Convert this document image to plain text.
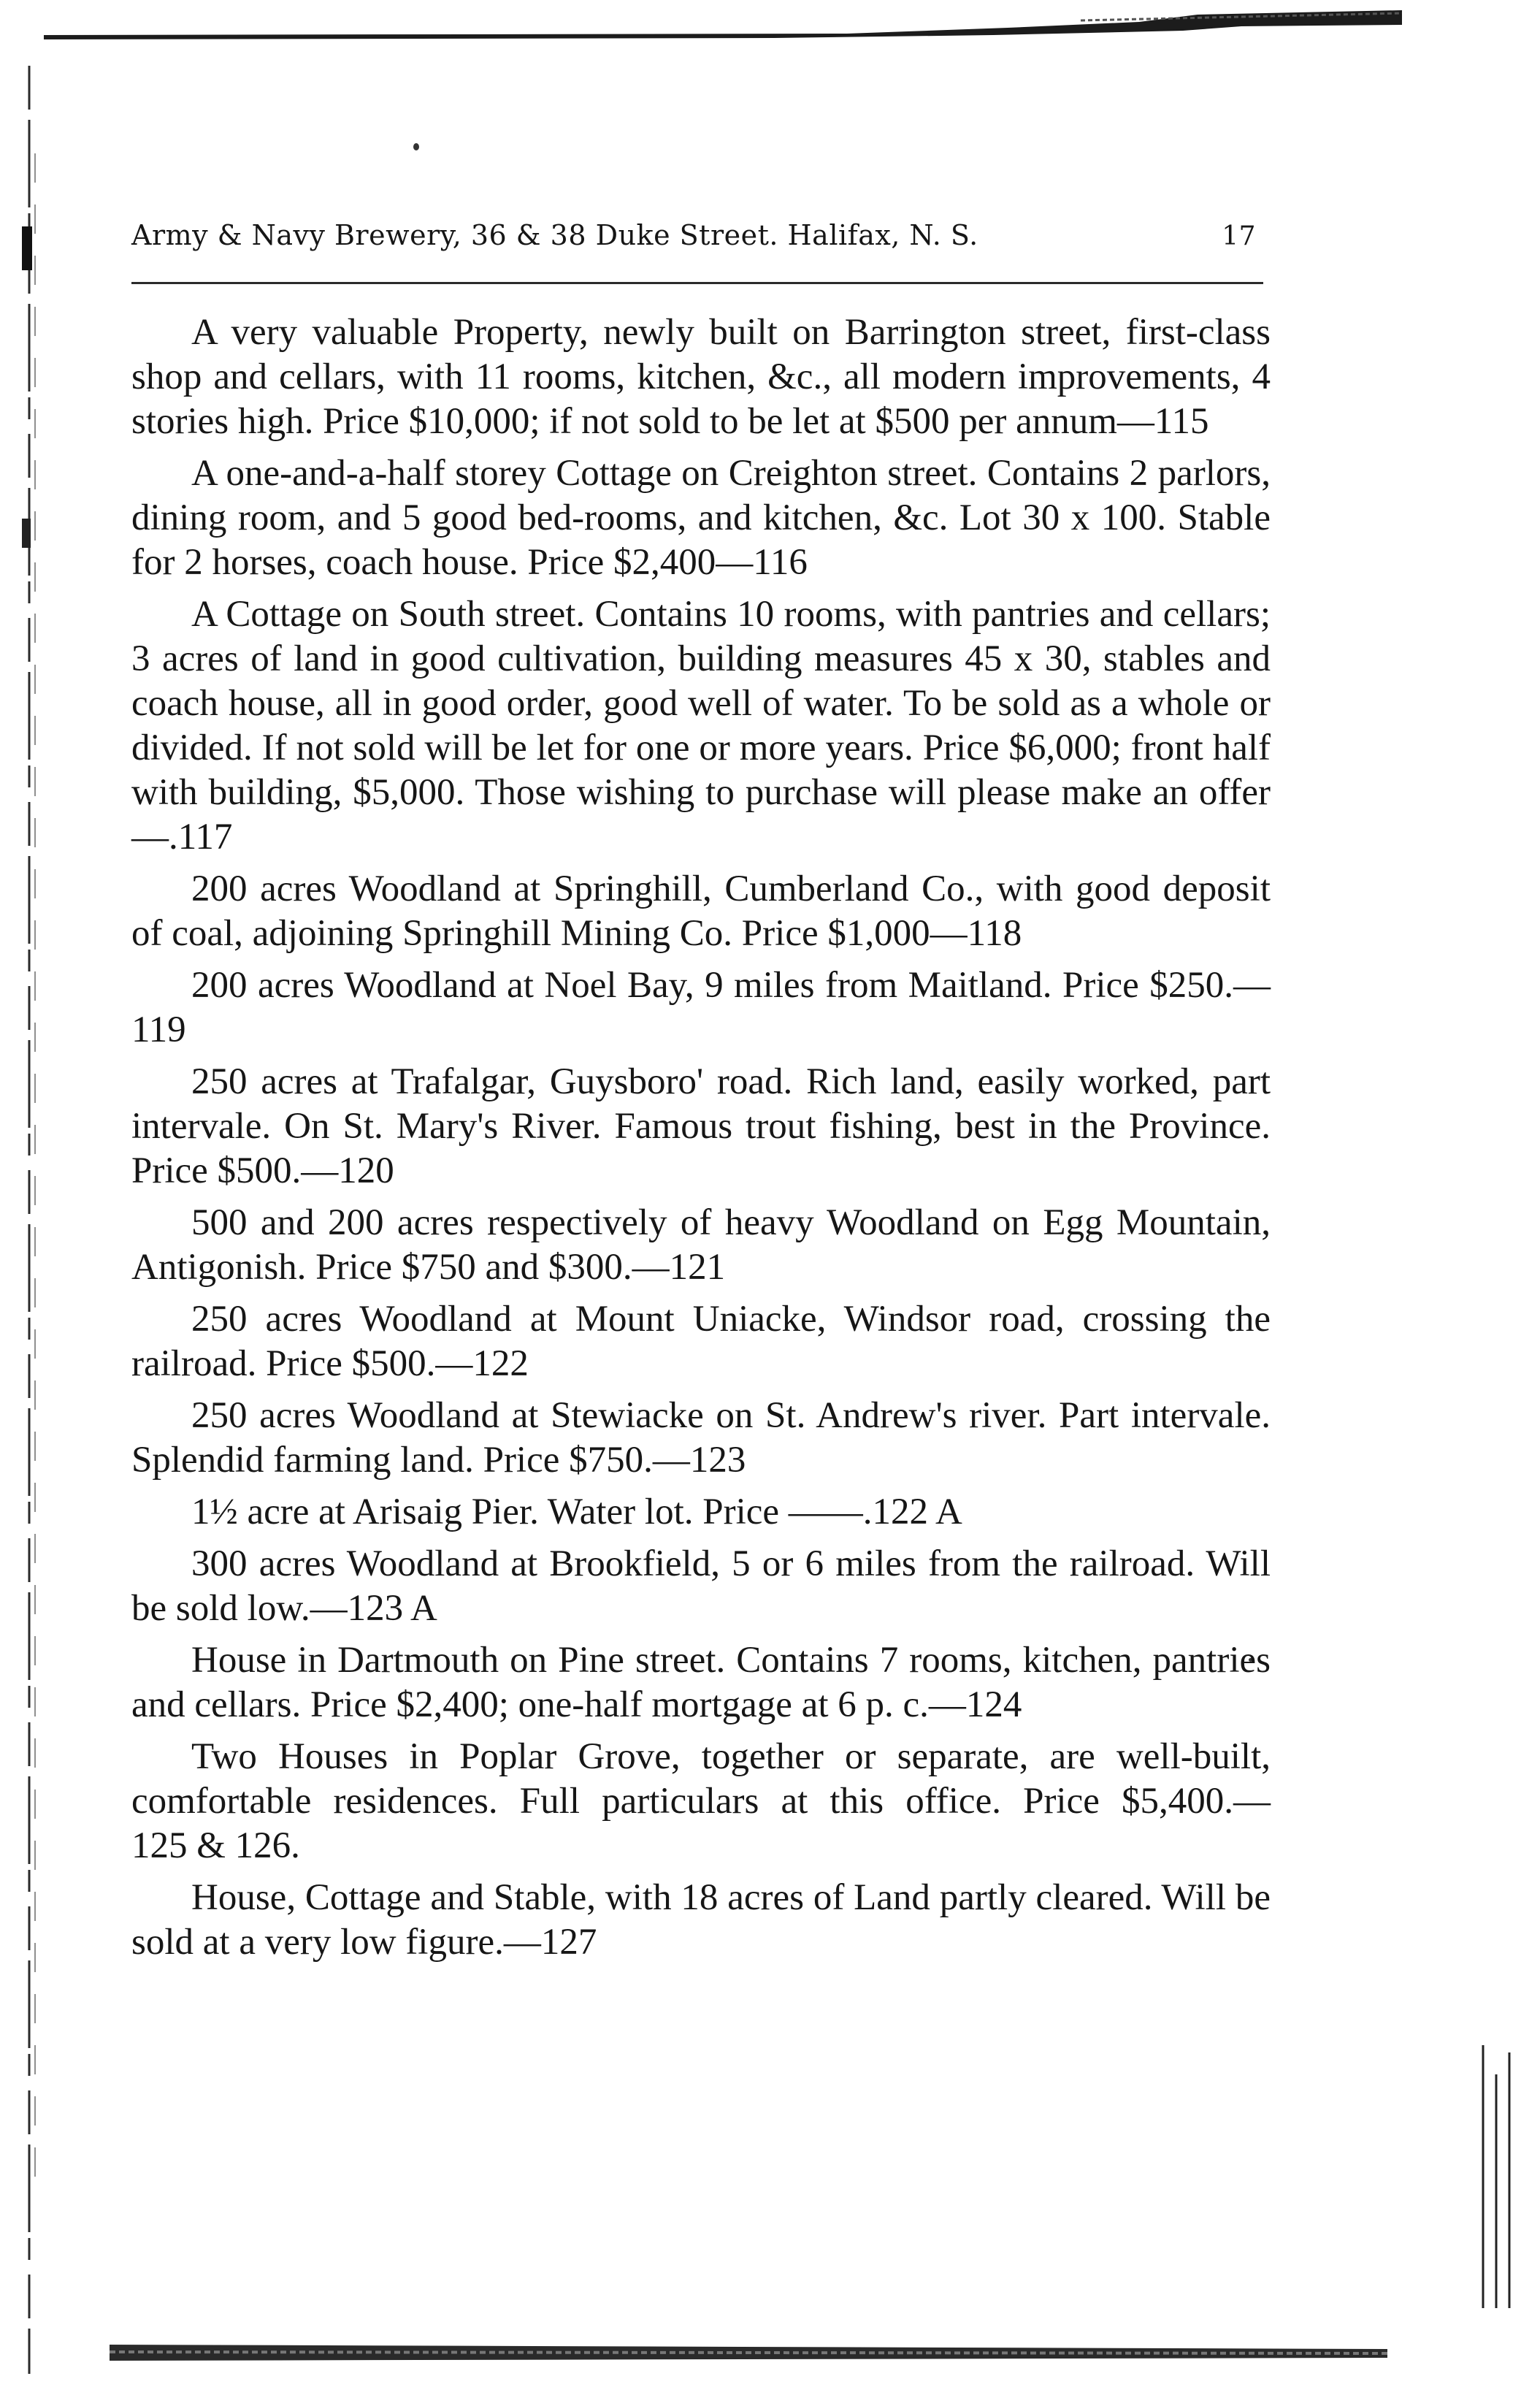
Army & Navy Brewery, 36 & 38 Duke Street. Halifax, N. S.	17

A very valuable Property, newly built on Barrington street, first-class shop and cellars, with 11 rooms, kitchen, &c., all modern improvements, 4 stories high. Price $10,000; if not sold to be let at $500 per annum—115

A one-and-a-half storey Cottage on Creighton street. Contains 2 parlors, dining room, and 5 good bed-rooms, and kitchen, &c. Lot 30 x 100. Stable for 2 horses, coach house. Price $2,400—116

A Cottage on South street. Contains 10 rooms, with pantries and cellars; 3 acres of land in good cultivation, building measures 45 x 30, stables and coach house, all in good order, good well of water. To be sold as a whole or divided. If not sold will be let for one or more years. Price $6,000; front half with building, $5,000. Those wishing to purchase will please make an offer—.117

200 acres Woodland at Springhill, Cumberland Co., with good deposit of coal, adjoining Springhill Mining Co. Price $1,000—118

200 acres Woodland at Noel Bay, 9 miles from Maitland. Price $250.—119

250 acres at Trafalgar, Guysboro' road. Rich land, easily worked, part intervale. On St. Mary's River. Famous trout fishing, best in the Province. Price $500.—120

500 and 200 acres respectively of heavy Woodland on Egg Mountain, Antigonish. Price $750 and $300.—121

250 acres Woodland at Mount Uniacke, Windsor road, crossing the railroad. Price $500.—122

250 acres Woodland at Stewiacke on St. Andrew's river. Part intervale. Splendid farming land. Price $750.—123

1½ acre at Arisaig Pier. Water lot. Price ——.122 A

300 acres Woodland at Brookfield, 5 or 6 miles from the railroad. Will be sold low.—123 A

House in Dartmouth on Pine street. Contains 7 rooms, kitchen, pantries and cellars. Price $2,400; one-half mortgage at 6 p. c.—124

Two Houses in Poplar Grove, together or separate, are well-built, comfortable residences. Full particulars at this office. Price $5,400.—125 & 126.

House, Cottage and Stable, with 18 acres of Land partly cleared. Will be sold at a very low figure.—127
